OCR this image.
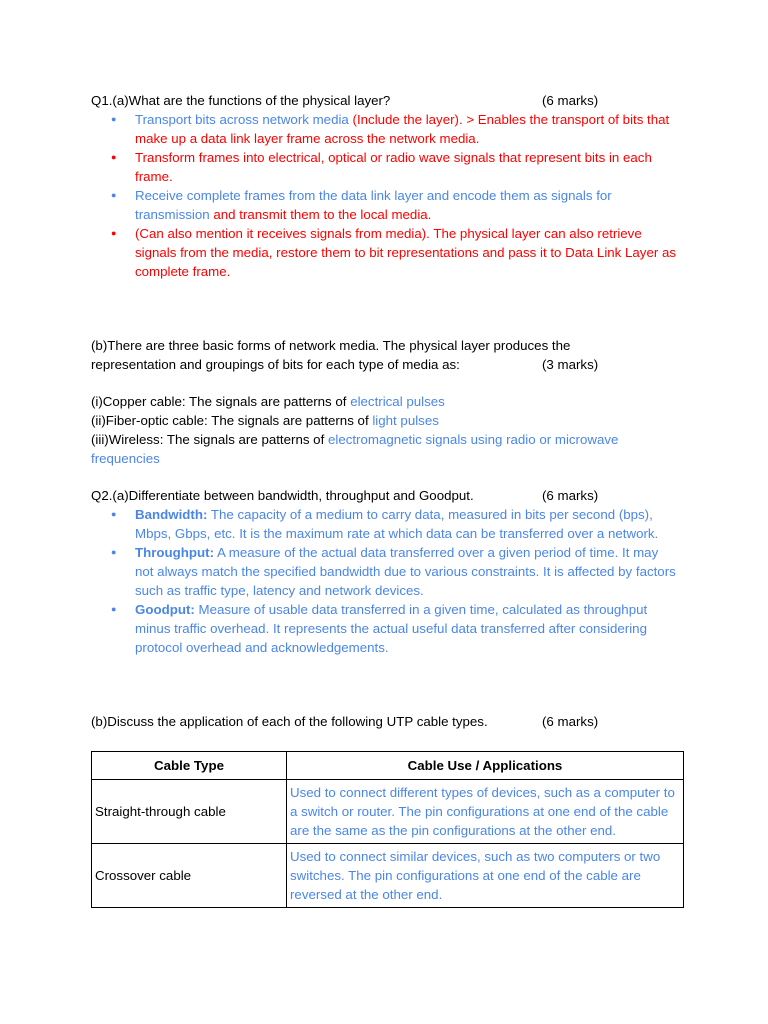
Q1.(a)What are the functions of the physical layer?	(6 marks)
● Transport bits across network media (Include the layer). > Enables the transport of bits that make up a data link layer frame across the network media.
● Transform frames into electrical, optical or radio wave signals that represent bits in each frame.
● Receive complete frames from the data link layer and encode them as signals for transmission and transmit them to the local media.
● (Can also mention it receives signals from media). The physical layer can also retrieve signals from the media, restore them to bit representations and pass it to Data Link Layer as complete frame.
(b)There are three basic forms of network media. The physical layer produces the
representation and groupings of bits for each type of media as:	(3 marks)
(i)Copper cable: The signals are patterns of electrical pulses
(ii)Fiber-optic cable: The signals are patterns of light pulses
(iii)Wireless: The signals are patterns of electromagnetic signals using radio or microwave frequencies
Q2.(a)Differentiate between bandwidth, throughput and Goodput.	(6 marks)
● Bandwidth: The capacity of a medium to carry data, measured in bits per second (bps), Mbps, Gbps, etc. It is the maximum rate at which data can be transferred over a network.
● Throughput: A measure of the actual data transferred over a given period of time. It may not always match the specified bandwidth due to various constraints. It is affected by factors such as traffic type, latency and network devices.
● Goodput: Measure of usable data transferred in a given time, calculated as throughput minus traffic overhead. It represents the actual useful data transferred after considering protocol overhead and acknowledgements.
(b)Discuss the application of each of the following UTP cable types.	(6 marks)
Cable Type	Cable Use / Applications
Straight-through cable	Used to connect different types of devices, such as a computer to a switch or router. The pin configurations at one end of the cable are the same as the pin configurations at the other end.
Crossover cable	Used to connect similar devices, such as two computers or two switches. The pin configurations at one end of the cable are reversed at the other end.
